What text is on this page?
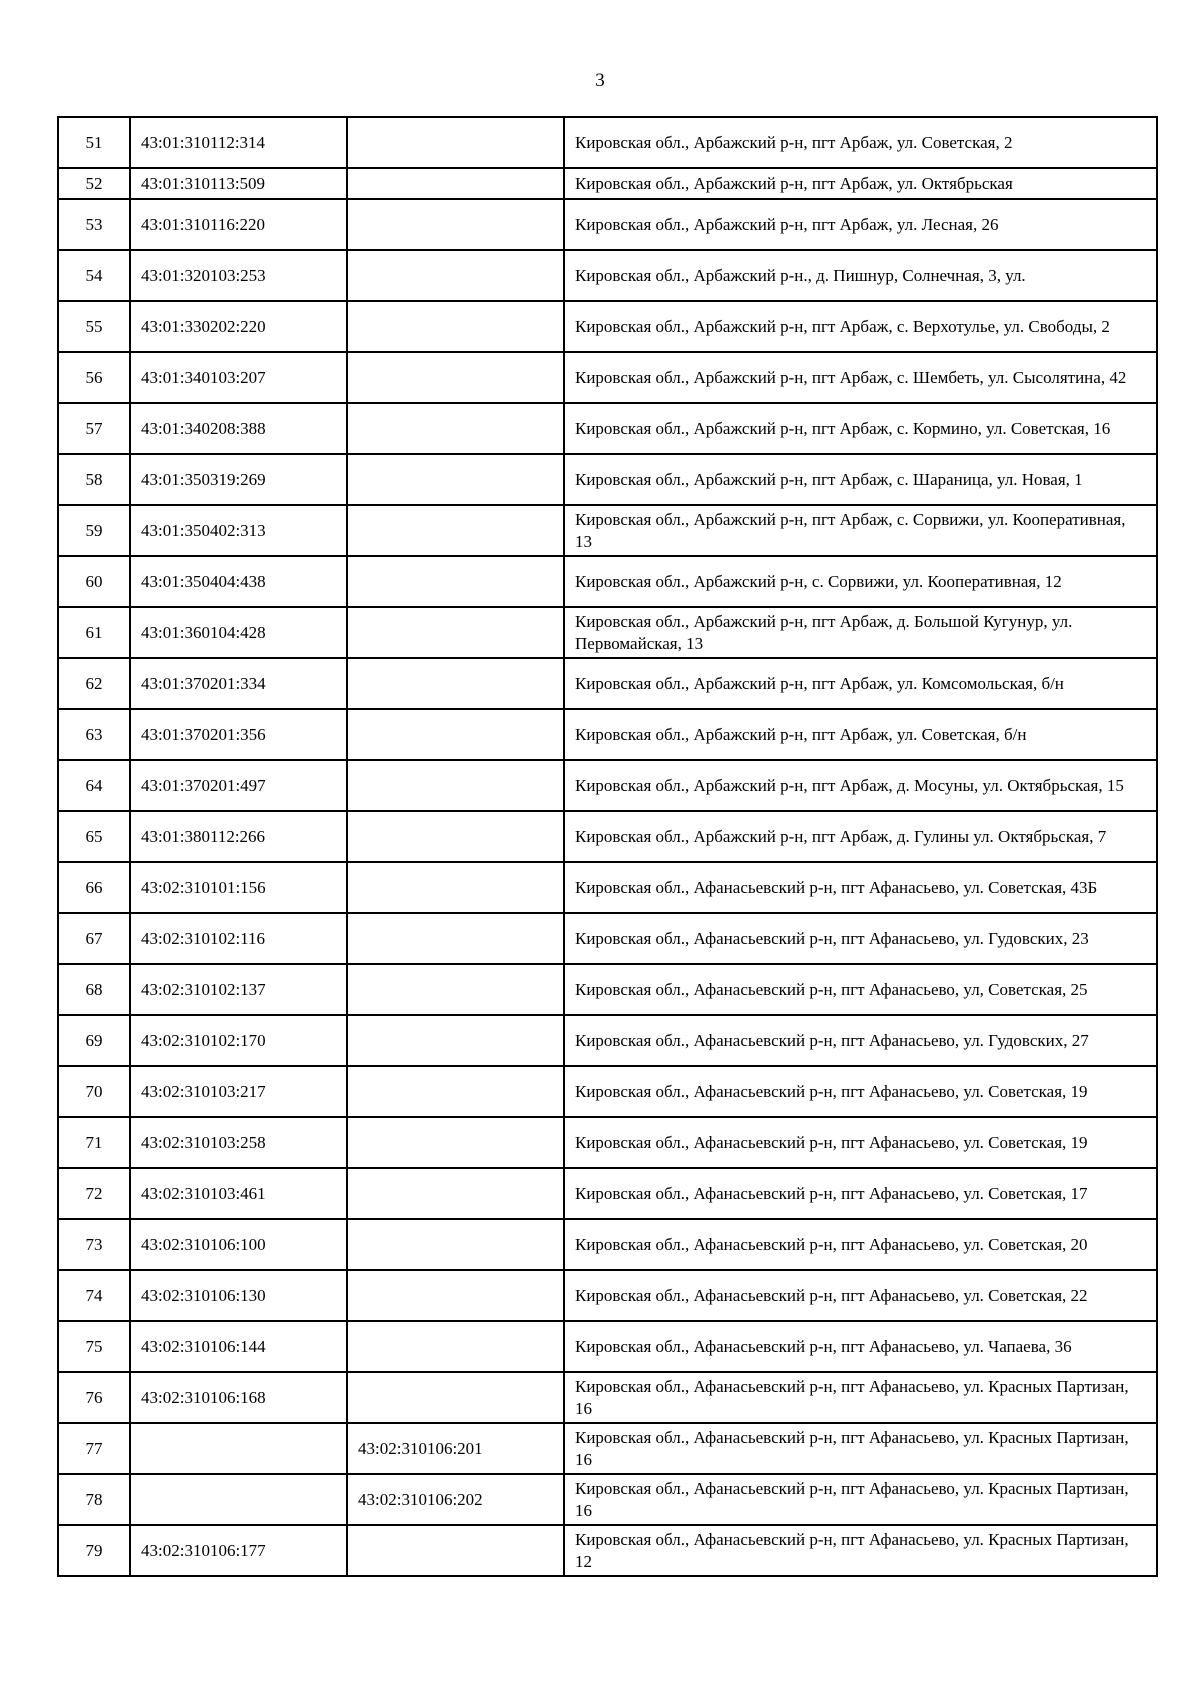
3
51	43:01:310112:314		Кировская обл., Арбажский р-н, пгт Арбаж, ул. Советская, 2
52	43:01:310113:509		Кировская обл., Арбажский р-н, пгт Арбаж, ул. Октябрьская
53	43:01:310116:220		Кировская обл., Арбажский р-н, пгт Арбаж, ул. Лесная, 26
54	43:01:320103:253		Кировская обл., Арбажский р-н., д. Пишнур, Солнечная, 3, ул.
55	43:01:330202:220		Кировская обл., Арбажский р-н, пгт Арбаж, с. Верхотулье, ул. Свободы, 2
56	43:01:340103:207		Кировская обл., Арбажский р-н, пгт Арбаж, с. Шембеть, ул. Сысолятина, 42
57	43:01:340208:388		Кировская обл., Арбажский р-н, пгт Арбаж, с. Кормино, ул. Советская, 16
58	43:01:350319:269		Кировская обл., Арбажский р-н, пгт Арбаж, с. Шараница, ул. Новая, 1
59	43:01:350402:313		Кировская обл., Арбажский р-н, пгт Арбаж, с. Сорвижи, ул. Кооперативная, 13
60	43:01:350404:438		Кировская обл., Арбажский р-н, с. Сорвижи, ул. Кооперативная, 12
61	43:01:360104:428		Кировская обл., Арбажский р-н, пгт Арбаж, д. Большой Кугунур, ул. Первомайская, 13
62	43:01:370201:334		Кировская обл., Арбажский р-н, пгт Арбаж, ул. Комсомольская, б/н
63	43:01:370201:356		Кировская обл., Арбажский р-н, пгт Арбаж, ул. Советская, б/н
64	43:01:370201:497		Кировская обл., Арбажский р-н, пгт Арбаж, д. Мосуны, ул. Октябрьская, 15
65	43:01:380112:266		Кировская обл., Арбажский р-н, пгт Арбаж, д. Гулины ул. Октябрьская, 7
66	43:02:310101:156		Кировская обл., Афанасьевский р-н, пгт Афанасьево, ул. Советская, 43Б
67	43:02:310102:116		Кировская обл., Афанасьевский р-н, пгт Афанасьево, ул. Гудовских, 23
68	43:02:310102:137		Кировская обл., Афанасьевский р-н, пгт Афанасьево, ул, Советская, 25
69	43:02:310102:170		Кировская обл., Афанасьевский р-н, пгт Афанасьево, ул. Гудовских, 27
70	43:02:310103:217		Кировская обл., Афанасьевский р-н, пгт Афанасьево, ул. Советская, 19
71	43:02:310103:258		Кировская обл., Афанасьевский р-н, пгт Афанасьево, ул. Советская, 19
72	43:02:310103:461		Кировская обл., Афанасьевский р-н, пгт Афанасьево, ул. Советская, 17
73	43:02:310106:100		Кировская обл., Афанасьевский р-н, пгт Афанасьево, ул. Советская, 20
74	43:02:310106:130		Кировская обл., Афанасьевский р-н, пгт Афанасьево, ул. Советская, 22
75	43:02:310106:144		Кировская обл., Афанасьевский р-н, пгт Афанасьево, ул. Чапаева, 36
76	43:02:310106:168		Кировская обл., Афанасьевский р-н, пгт Афанасьево, ул. Красных Партизан, 16
77		43:02:310106:201	Кировская обл., Афанасьевский р-н, пгт Афанасьево, ул. Красных Партизан, 16
78		43:02:310106:202	Кировская обл., Афанасьевский р-н, пгт Афанасьево, ул. Красных Партизан, 16
79	43:02:310106:177		Кировская обл., Афанасьевский р-н, пгт Афанасьево, ул. Красных Партизан, 12
